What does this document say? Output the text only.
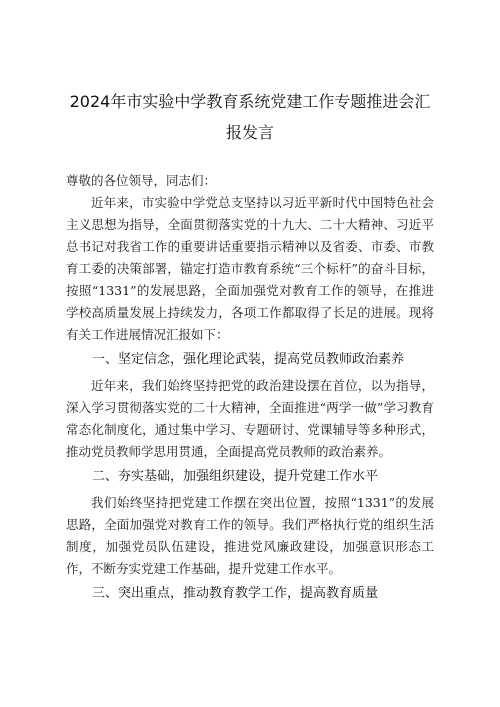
2024年市实验中学教育系统党建工作专题推进会汇报发言

尊敬的各位领导，同志们：

近年来，市实验中学党总支坚持以习近平新时代中国特色社会主义思想为指导，全面贯彻落实党的十九大、二十大精神、习近平总书记对我省工作的重要讲话重要指示精神以及省委、市委、市教育工委的决策部署，锚定打造市教育系统“三个标杆”的奋斗目标，按照“1331”的发展思路，全面加强党对教育工作的领导，在推进学校高质量发展上持续发力，各项工作都取得了长足的进展。现将有关工作进展情况汇报如下：

一、坚定信念，强化理论武装，提高党员教师政治素养

近年来，我们始终坚持把党的政治建设摆在首位，以为指导，深入学习贯彻落实党的二十大精神，全面推进“两学一做”学习教育常态化制度化，通过集中学习、专题研讨、党课辅导等多种形式，推动党员教师学思用贯通，全面提高党员教师的政治素养。

二、夯实基础，加强组织建设，提升党建工作水平

我们始终坚持把党建工作摆在突出位置，按照“1331”的发展思路，全面加强党对教育工作的领导。我们严格执行党的组织生活制度，加强党员队伍建设，推进党风廉政建设，加强意识形态工作，不断夯实党建工作基础，提升党建工作水平。

三、突出重点，推动教育教学工作，提高教育质量
